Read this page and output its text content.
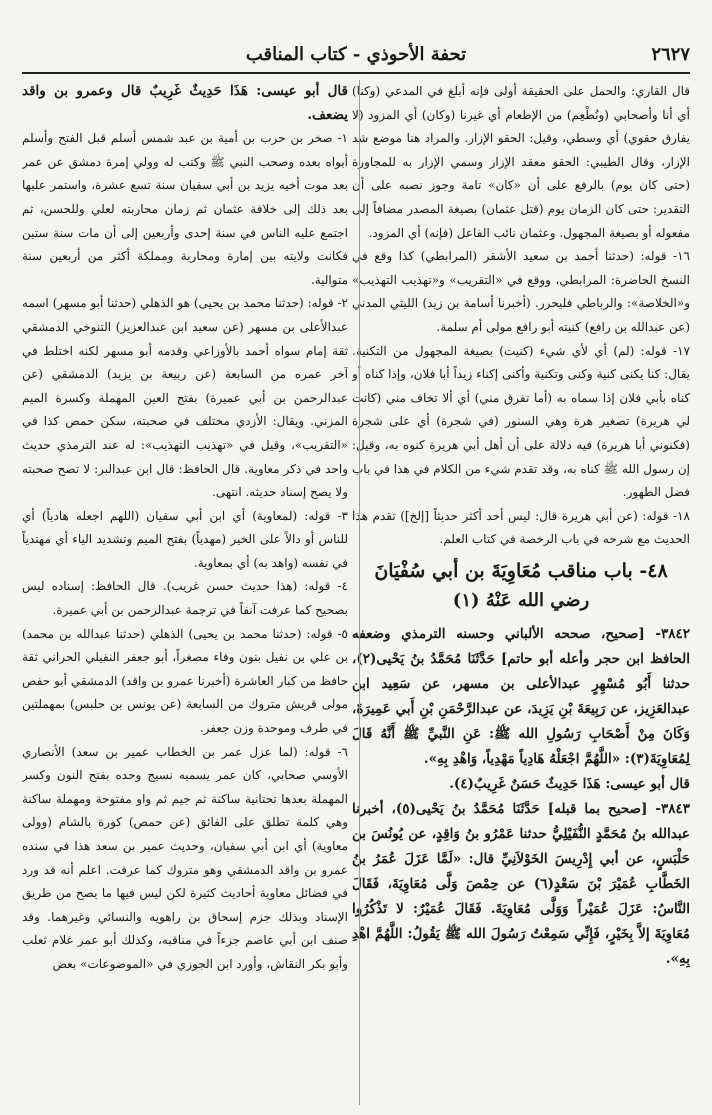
تحفة الأحوذي - كتاب المناقب	٢٦٢٧

قال القاري: والحمل على الحقيقة أولى فإنه أبلغ في المدعي (وكنا) أي أنا وأصحابي (ونُطْعِم) من الإطعام أي غيرنا (وكان) أي المزود (لا يفارق حقوي) أي وسطي، وقيل: الحقو الإزار. والمراد هنا موضع شد الإزار، وقال الطيبي: الحقو معقد الإزار وسمي الإزار به للمجاورة (حتى كان يوم) بالرفع على أن «كان» تامة وجوز نصبه على أن التقدير: حتى كان الزمان يوم (قتل عثمان) بصيغة المصدر مضافاً إلى مفعوله أو بصيغة المجهول. وعثمان نائب الفاعل (فإنه) أي المزود.

١٦- قوله: (حدثنا أحمد بن سعيد الأشقر (المرابطي) كذا وقع في النسخ الحاضرة: المرابطي، ووقع في «التقريب» و«تهذيب التهذيب» و«الخلاصة»: والرباطي فليحرر. (أخبرنا أسامة بن زيد) الليثي المدني (عن عبدالله بن رافع) كنيته أبو رافع مولى أم سلمة.

١٧- قوله: (لم) أي لأي شيء (كنيت) بصيغة المجهول من التكنية. يقال: كنا يكنى كنية وكنى وتكنية وأكنى إكناء زيداً أبا فلان، وإذا كناه أو كناه بأبي فلان إذا سماه به (أما تفرق مني) أي ألا تخاف مني (كانت لي هريرة) تصغير هرة وهي السنور (في شجرة) أي على شجرة (فكنوني أبا هريرة) فيه دلالة على أن أهل أبي هريرة كنوه به، وقيل: إن رسول الله ﷺ كناه به، وقد تقدم شيء من الكلام في هذا في باب فضل الطهور.

١٨- قوله: (عن أبي هريرة قال: ليس أحد أكثر حديثاً [إلخ]) تقدم هذا الحديث مع شرحه في باب الرخصة في كتاب العلم.

٤٨- باب مناقب مُعَاوِيَةَ بن أبي سُفْيَانَ
رضي الله عَنْهُ (١)

٣٨٤٢- [صحيح، صححه الألباني وحسنه الترمذي وضعفه الحافظ ابن حجر وأعله أبو حاتم] حَدَّثَنَا مُحَمَّدُ بنُ يَحْيى(٢)، حدثنا أَبُو مُسْهِرٍ عبدالأعلى بن مسهر، عن سَعِيد ابن عبدالعَزِيز، عن رَبِيعَةَ بْنِ يَزِيدَ، عن عبدالرَّحْمَنِ بْنِ أَبي عَمِيرَةَ، وَكَانَ مِنْ أَصْحَابِ رَسُولِ الله ﷺ: عَنِ النَّبيِّ ﷺ أَنَّهُ قَالَ لِمُعَاوِيَةَ(٣): «اللَّهُمَّ اجْعَلْهُ هَادِياً مَهْدِياً، وَاهْدِ بِهِ».

قال أبو عيسى: هَذَا حَدِيثٌ حَسَنٌ غَرِيبٌ(٤).

٣٨٤٣- [صحيح بما قبله] حَدَّثَنَا مُحَمَّدُ بنُ يَحْيى(٥)، أخبرنا عبدالله بنُ مُحَمَّدٍ النُّفَيْلِيُّ حدثنا عَمْرُو بنُ وَاقِدٍ، عن يُونُسَ بن حَلْبَسٍ، عن أبي إِدْرِيسَ الخَوْلاَنِيِّ قال: «لَمَّا عَزَلَ عُمَرُ بنُ الخَطَّابِ عُمَيْرَ بْنَ سَعْدٍ(٦) عن حِمْصَ وَلَّى مُعَاوِيَةَ، فَقَالَ النَّاسُ: عَزَلَ عُمَيْراً وَوَلَّى مُعَاوِيَةَ. فَقَالَ عُمَيْرٌ: لا تَذْكُرُوا مُعَاوِيَةَ إلاَّ بِخَيْرٍ، فَإِنِّي سَمِعْتُ رَسُولَ الله ﷺ يَقُولُ: اللَّهُمَّ اهْدِ بِهِ».

قال أبو عيسى: هَذَا حَدِيثٌ غَرِيبٌ قال وعمرو بن واقد يضعف.

١- صخر بن حرب بن أمية بن عبد شمس أسلم قبل الفتح وأسلم أبواه بعده وصحب النبي ﷺ وكتب له وولي إمرة دمشق عن عمر بعد موت أخيه يزيد بن أبي سفيان سنة تسع عشرة، واستمر عليها بعد ذلك إلى خلافة عثمان ثم زمان محاربته لعلي وللحسن، ثم اجتمع عليه الناس في سنة إحدى وأربعين إلى أن مات سنة ستين فكانت ولايته بين إمارة ومحاربة ومملكة أكثر من أربعين سنة متوالية.

٢- قوله: (حدثنا محمد بن يحيى) هو الذهلي (حدثنا أبو مسهر) اسمه عبدالأعلى بن مسهر (عن سعيد ابن عبدالعزيز) التنوخي الدمشقي ثقة إمام سواه أحمد بالأوزاعي وقدمه أبو مسهر لكنه اختلط في آخر عمره من السابعة (عن ربيعة بن يزيد) الدمشقي (عن عبدالرحمن بن أبي عميرة) بفتح العين المهملة وكسرة الميم المزني. ويقال: الأزدي مختلف في صحبته، سكن حمص كذا في «التقريب»، وقيل في «تهذيب التهذيب»: له عند الترمذي حديث واحد في ذكر معاوية. قال الحافظ: قال ابن عبدالبر: لا تصح صحبته ولا يصح إسناد حديثه. انتهى.

٣- قوله: (لمعاوية) أي ابن أبي سفيان (اللهم اجعله هادياً) أي للناس أو دالاً على الخير (مهدياً) بفتح الميم وتشديد الياء أي مهتدياً في نفسه (واهد به) أي بمعاوية.

٤- قوله: (هذا حديث حسن غريب). قال الحافظ: إسناده ليس بصحيح كما عرفت آنفاً في ترجمة عبدالرحمن بن أبي عميرة.

٥- قوله: (حدثنا محمد بن يحيى) الذهلي (حدثنا عبدالله بن محمد) بن علي بن نفيل بنون وفاء مصغراً، أبو جعفر النفيلي الحراني ثقة حافظ من كبار العاشرة (أخبرنا عمرو بن واقد) الدمشقي أبو حفص مولى قريش متروك من السابعة (عن يونس بن حلبس) بمهملتين في طرف وموحدة وزن جعفر.

٦- قوله: (لما عزل عمر بن الخطاب عمير بن سعد) الأنصاري الأوسي صحابي، كان عمر يسميه نسيج وحده بفتح النون وكسر المهملة بعدها تحتانية ساكنة ثم جيم ثم واو مفتوحة ومهملة ساكنة وهي كلمة تطلق على الفائق (عن حمص) كورة بالشام (وولى معاوية) أي ابن أبي سفيان، وحديث عمير بن سعد هذا في سنده عمرو بن واقد الدمشقي وهو متروك كما عرفت. اعلم أنه قد ورد في فضائل معاوية أحاديث كثيرة لكن ليس فيها ما يصح من طريق الإسناد وبذلك جزم إسحاق بن راهويه والنسائي وغيرهما. وقد صنف ابن أبي عاصم جزءاً في مناقبه، وكذلك أبو عمر غلام ثعلب وأبو بكر النقاش، وأورد ابن الجوزي في «الموضوعات» بعض
